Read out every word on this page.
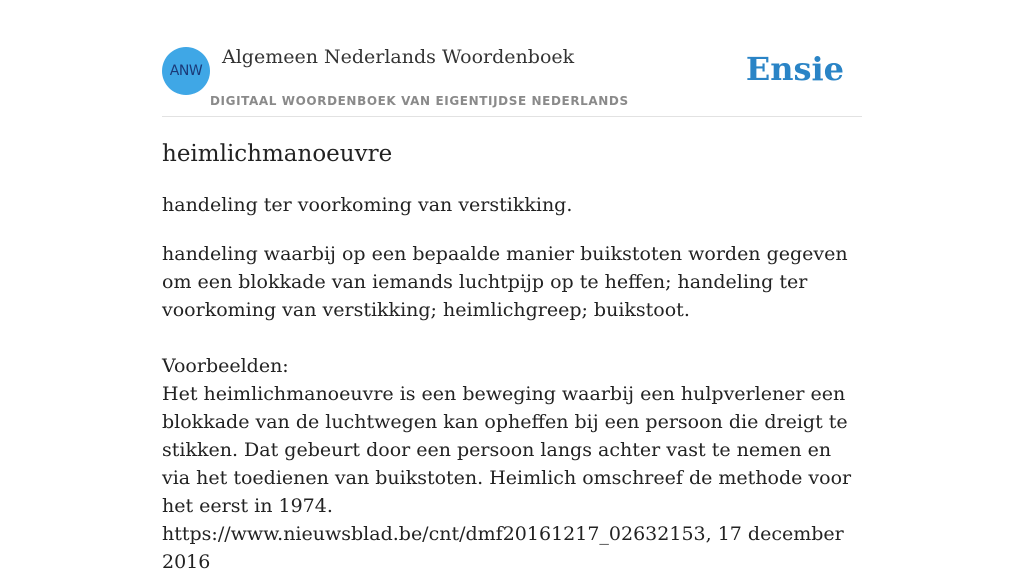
ANW
Algemeen Nederlands Woordenboek
DIGITAAL WOORDENBOEK VAN EIGENTIJDSE NEDERLANDS
Ensie
heimlichmanoeuvre
handeling ter voorkoming van verstikking.
handeling waarbij op een bepaalde manier buikstoten worden gegeven om een blokkade van iemands luchtpijp op te heffen; handeling ter voorkoming van verstikking; heimlichgreep; buikstoot.

Voorbeelden:

Het heimlichmanoeuvre is een beweging waarbij een hulpverlener een blokkade van de luchtwegen kan opheffen bij een persoon die dreigt te stikken. Dat gebeurt door een persoon langs achter vast te nemen en via het toedienen van buikstoten. Heimlich omschreef de methode voor het eerst in 1974.

https://www.nieuwsblad.be/cnt/dmf20161217_02632153, 17 december 2016
